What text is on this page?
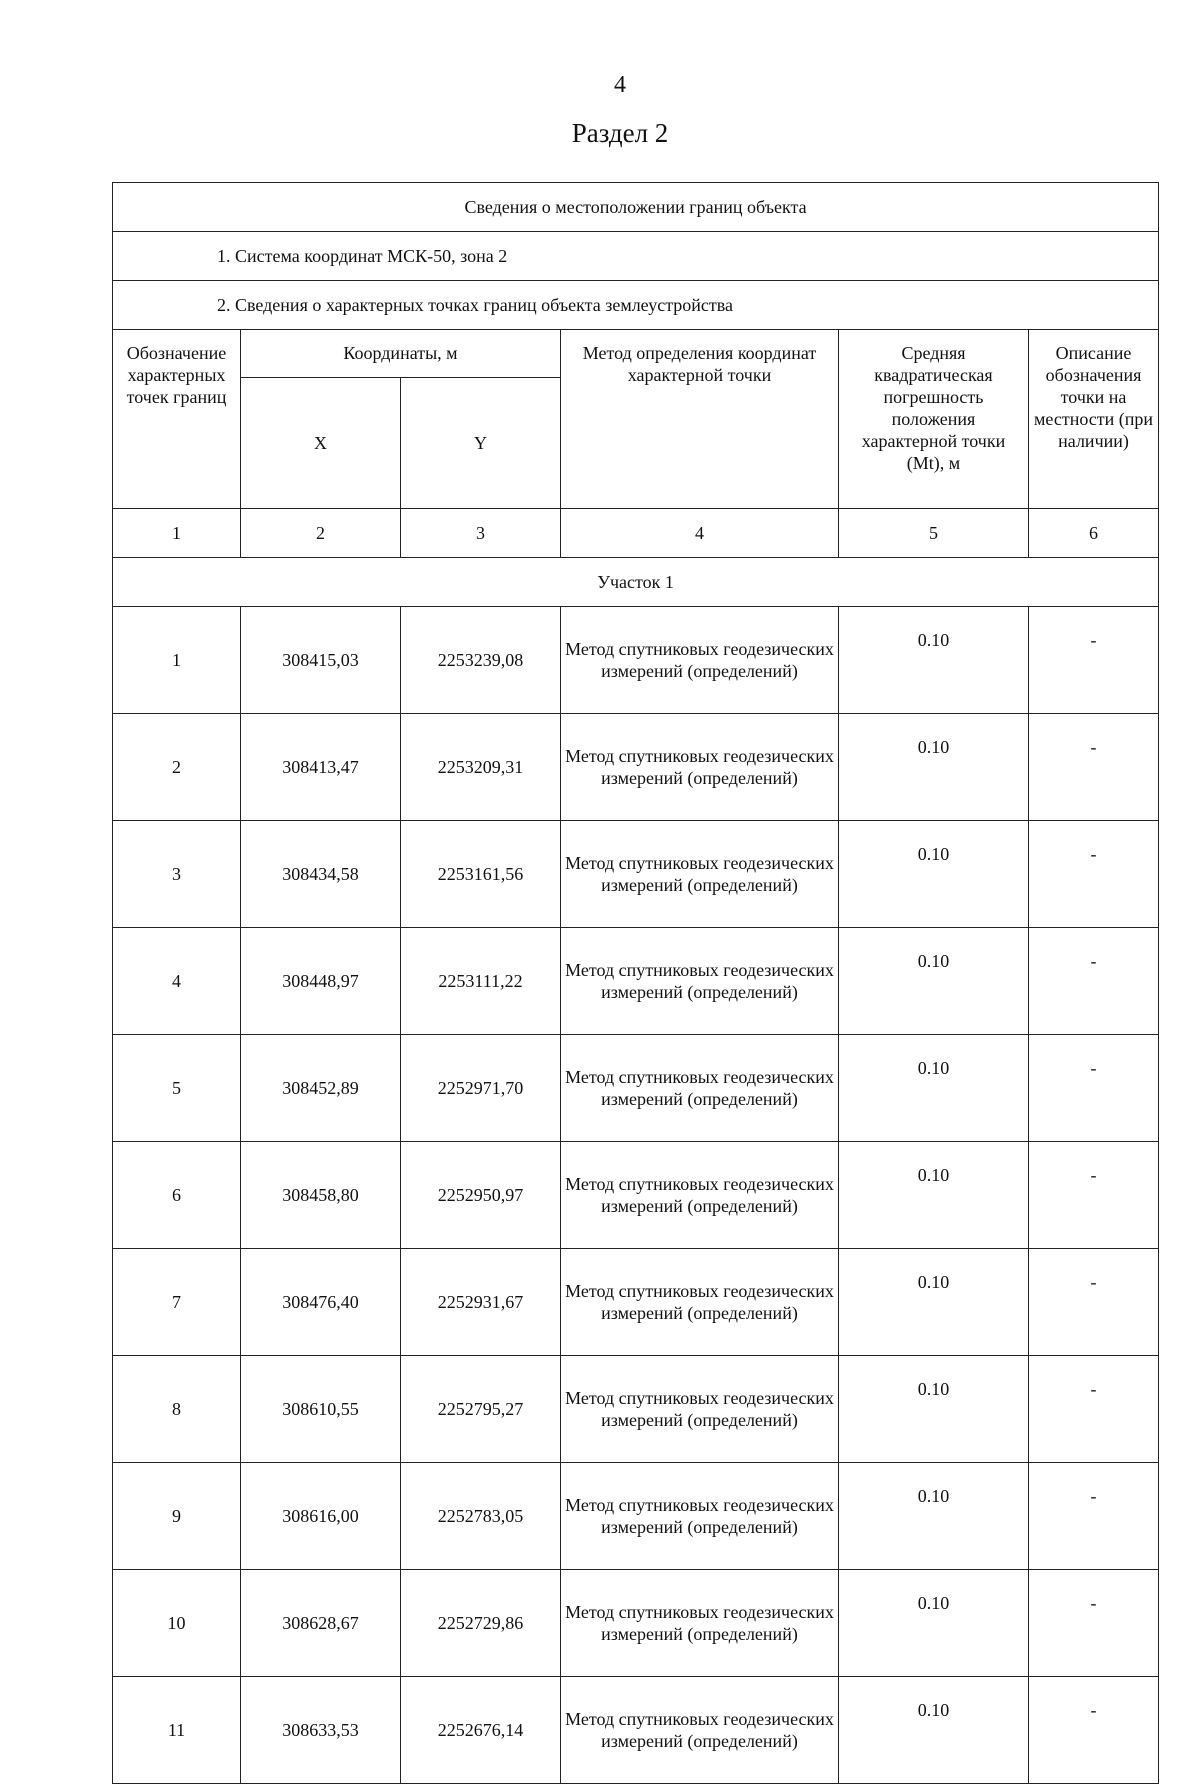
4
Раздел 2
Сведения о местоположении границ объекта					
1. Система координат МСК-50, зона 2					
2. Сведения о характерных точках границ объекта землеустройства					
Обозначение характерных точек границ	Координаты, м		Метод определения координат характерной точки	Средняя квадратическая погрешность положения характерной точки (Mt), м	Описание обозначения точки на местности (при наличии)
	X	Y			
1	2	3	4	5	6
Участок 1					
1	308415,03	2253239,08	Метод спутниковых геодезических измерений (определений)	0.10	-
2	308413,47	2253209,31	Метод спутниковых геодезических измерений (определений)	0.10	-
3	308434,58	2253161,56	Метод спутниковых геодезических измерений (определений)	0.10	-
4	308448,97	2253111,22	Метод спутниковых геодезических измерений (определений)	0.10	-
5	308452,89	2252971,70	Метод спутниковых геодезических измерений (определений)	0.10	-
6	308458,80	2252950,97	Метод спутниковых геодезических измерений (определений)	0.10	-
7	308476,40	2252931,67	Метод спутниковых геодезических измерений (определений)	0.10	-
8	308610,55	2252795,27	Метод спутниковых геодезических измерений (определений)	0.10	-
9	308616,00	2252783,05	Метод спутниковых геодезических измерений (определений)	0.10	-
10	308628,67	2252729,86	Метод спутниковых геодезических измерений (определений)	0.10	-
11	308633,53	2252676,14	Метод спутниковых геодезических измерений (определений)	0.10	-
